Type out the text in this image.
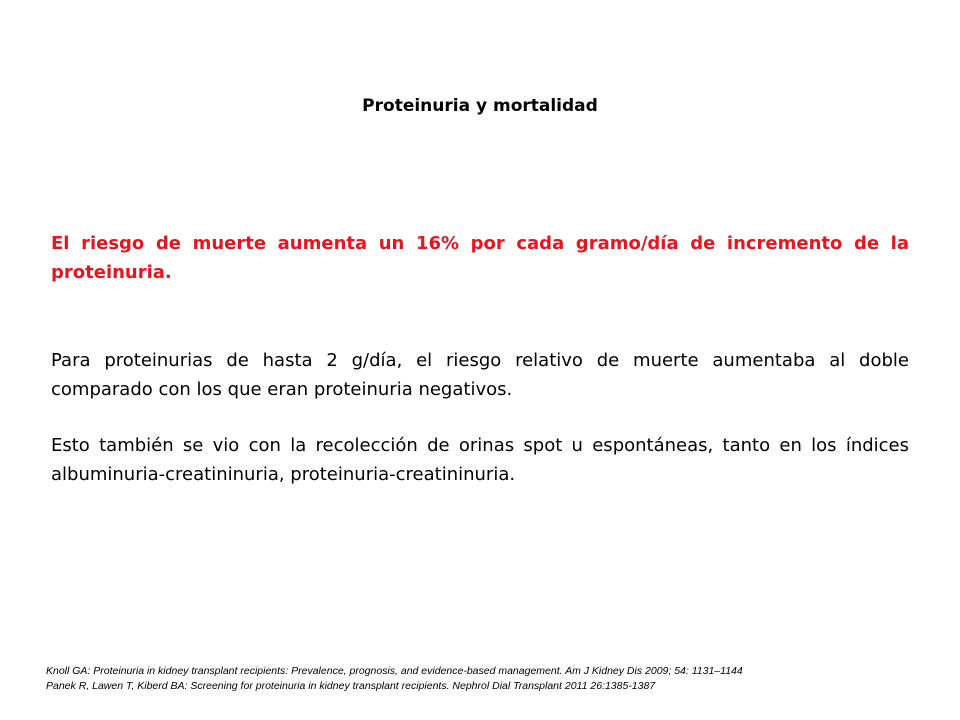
Proteinuria y mortalidad

El riesgo de muerte aumenta un 16% por cada gramo/día de incremento de la proteinuria.

Para proteinurias de hasta 2 g/día, el riesgo relativo de muerte aumentaba al doble comparado con los que eran proteinuria negativos.

Esto también se vio con la recolección de orinas spot u espontáneas, tanto en los índices albuminuria-creatininuria, proteinuria-creatininuria.

Knoll GA: Proteinuria in kidney transplant recipients: Prevalence, prognosis, and evidence-based management. Am J Kidney Dis 2009; 54: 1131–1144
Panek R, Lawen T, Kiberd BA: Screening for proteinuria in kidney transplant recipients. Nephrol Dial Transplant 2011 26:1385-1387
